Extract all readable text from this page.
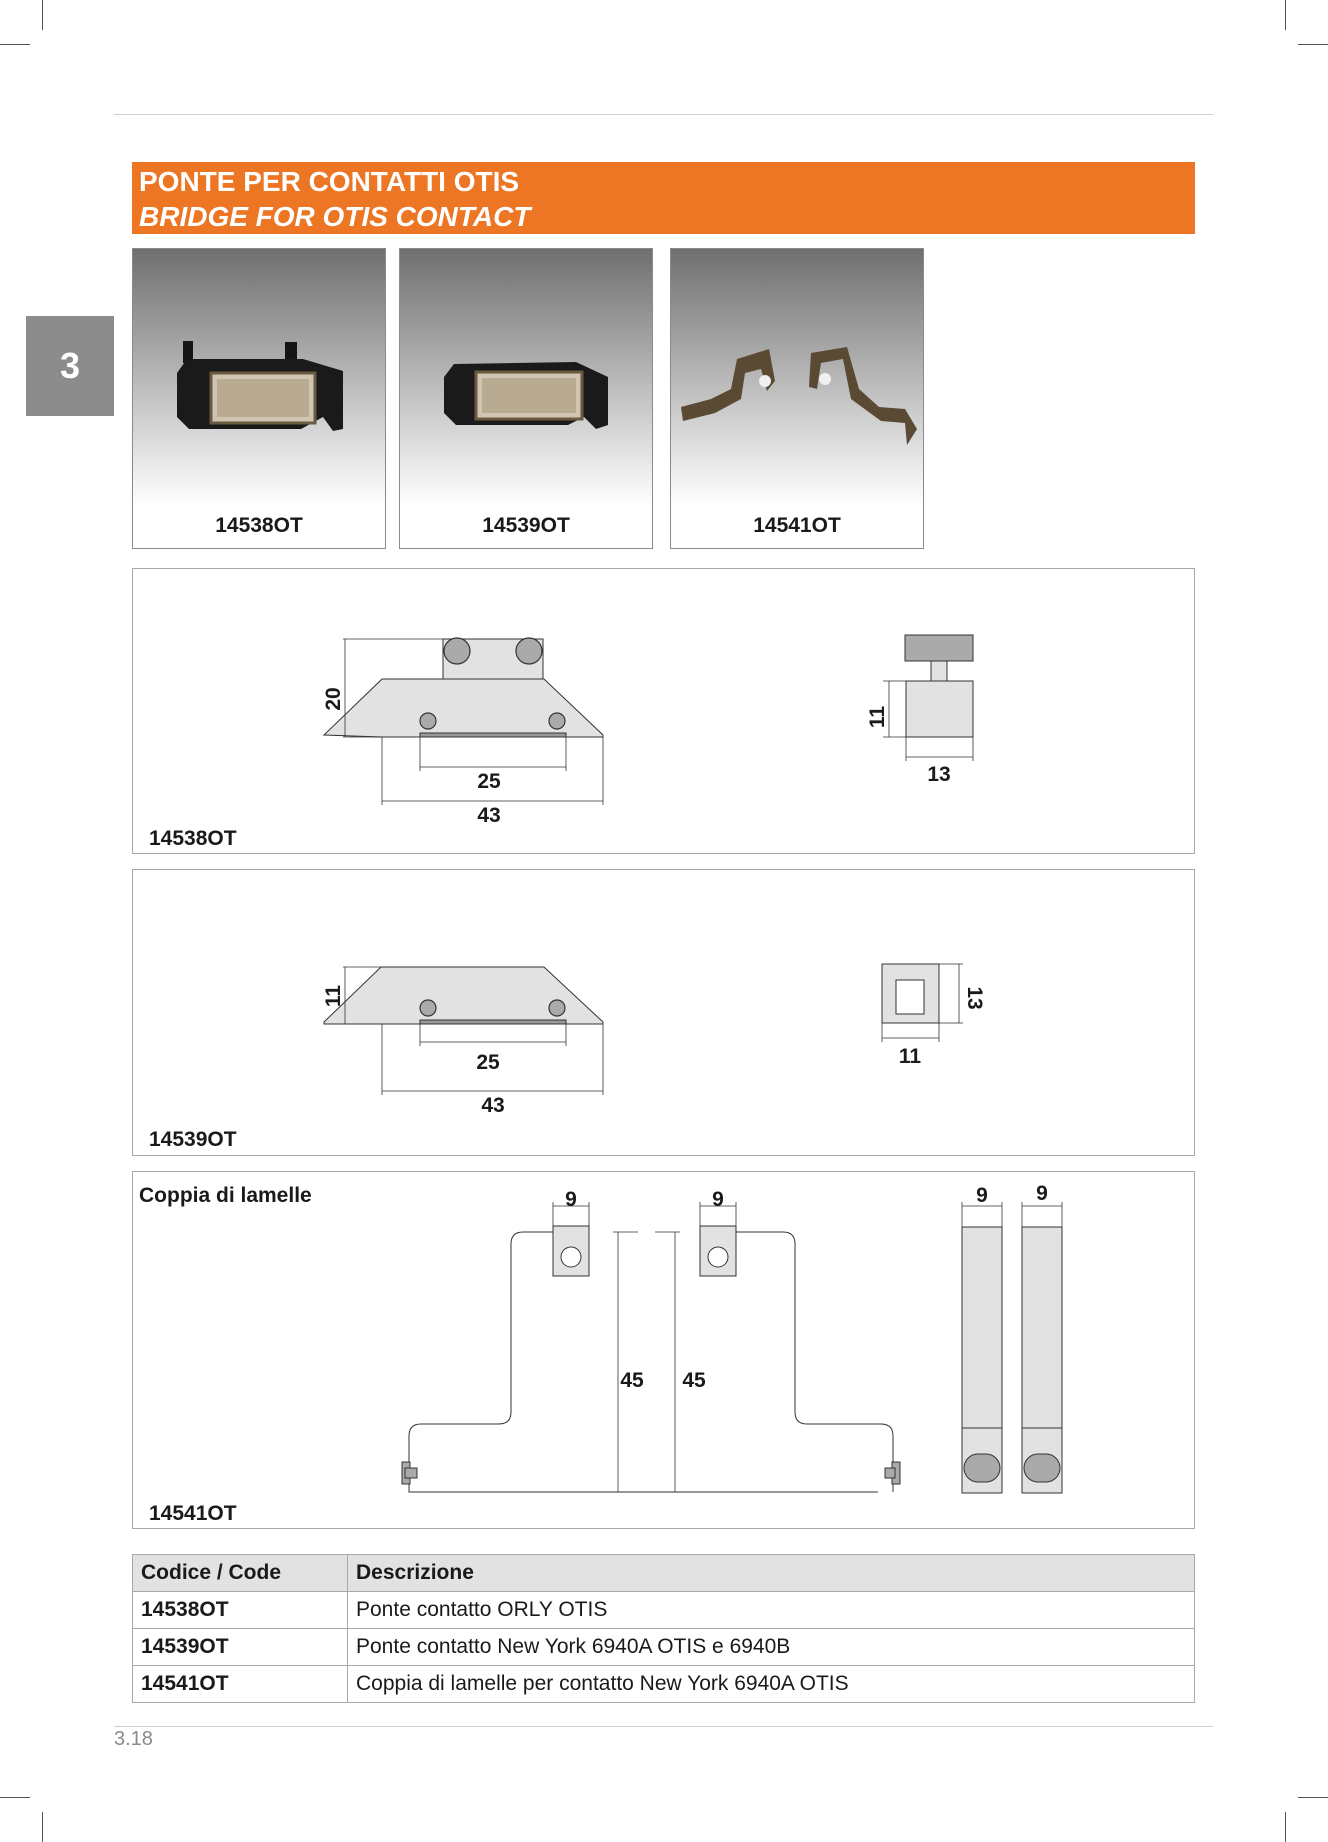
3
PONTE PER CONTATTI OTIS
BRIDGE FOR OTIS CONTACT
14538OT	14539OT	14541OT
20
25
43
11
13
14538OT
11
25
43
13
11
14539OT
9	9
45 45
9 9
Coppia di lamelle
14541OT
Codice / Code	Descrizione
14538OT	Ponte contatto ORLY OTIS
14539OT	Ponte contatto New York 6940A OTIS e 6940B
14541OT	Coppia di lamelle per contatto New York 6940A OTIS
3.18
